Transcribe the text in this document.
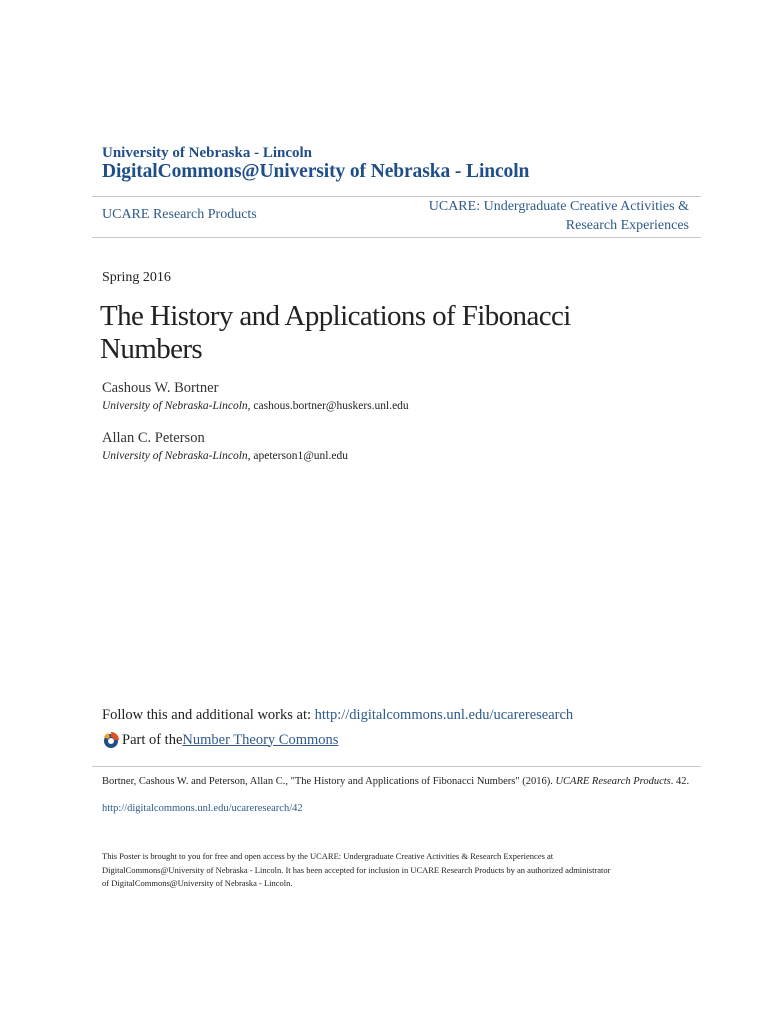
University of Nebraska - Lincoln
DigitalCommons@University of Nebraska - Lincoln
UCARE Research Products
UCARE: Undergraduate Creative Activities &
Research Experiences
Spring 2016
The History and Applications of Fibonacci
Numbers
Cashous W. Bortner
University of Nebraska-Lincoln, cashous.bortner@huskers.unl.edu
Allan C. Peterson
University of Nebraska-Lincoln, apeterson1@unl.edu
Follow this and additional works at: http://digitalcommons.unl.edu/ucareresearch
Part of the Number Theory Commons
Bortner, Cashous W. and Peterson, Allan C., "The History and Applications of Fibonacci Numbers" (2016). UCARE Research Products. 42.
http://digitalcommons.unl.edu/ucareresearch/42
This Poster is brought to you for free and open access by the UCARE: Undergraduate Creative Activities & Research Experiences at
DigitalCommons@University of Nebraska - Lincoln. It has been accepted for inclusion in UCARE Research Products by an authorized administrator
of DigitalCommons@University of Nebraska - Lincoln.
